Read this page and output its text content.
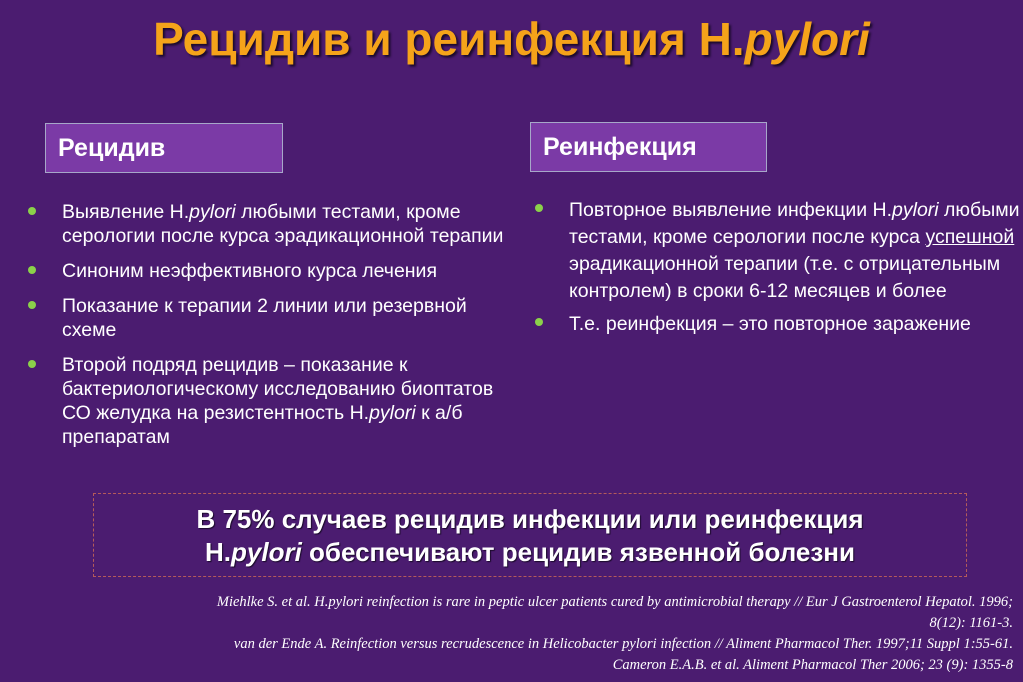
Рецидив и реинфекция H.pylori
Рецидив	Реинфекция
Выявление H.pylori любыми тестами, кроме серологии после курса эрадикационной терапии
Синоним неэффективного курса лечения
Показание к терапии 2 линии или резервной схеме
Второй подряд рецидив – показание к бактериологическому исследованию биоптатов СО желудка на резистентность H.pylori к а/б препаратам
Повторное выявление инфекции H.pylori любыми тестами, кроме серологии после курса успешной эрадикационной терапии (т.е. с отрицательным контролем) в сроки 6-12 месяцев и более
Т.е. реинфекция – это повторное заражение
В 75% случаев рецидив инфекции или реинфекция
H.pylori обеспечивают рецидив язвенной болезни
Miehlke S. et al. H.pylori reinfection is rare in peptic ulcer patients cured by antimicrobial therapy // Eur J Gastroenterol Hepatol. 1996;
8(12): 1161-3.
van der Ende A. Reinfection versus recrudescence in Helicobacter pylori infection // Aliment Pharmacol Ther. 1997;11 Suppl 1:55-61.
Cameron E.A.B. et al. Aliment Pharmacol Ther 2006; 23 (9): 1355-8
